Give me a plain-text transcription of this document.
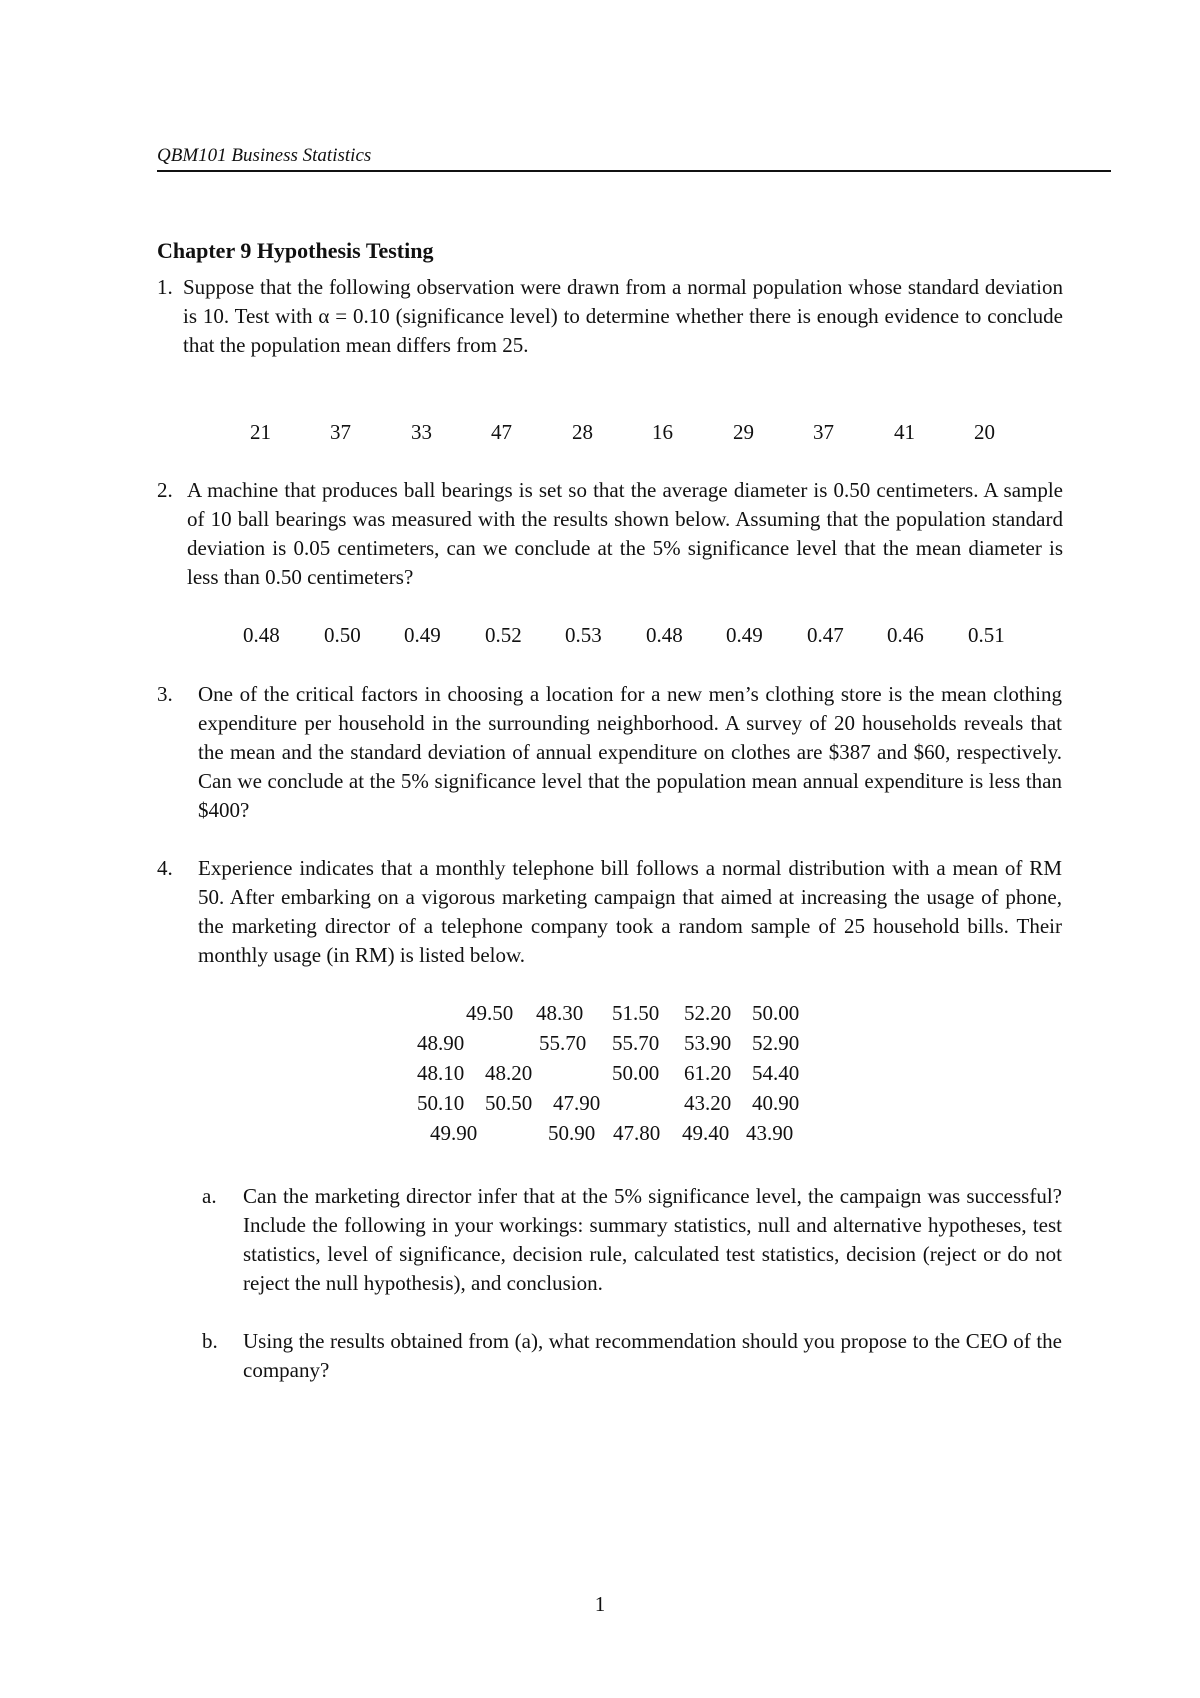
QBM101 Business Statistics
Chapter 9 Hypothesis Testing
1. Suppose that the following observation were drawn from a normal population whose standard deviation is 10. Test with α = 0.10 (significance level) to determine whether there is enough evidence to conclude that the population mean differs from 25.
21	37	33	47	28	16	29	37	41	20
2. A machine that produces ball bearings is set so that the average diameter is 0.50 centimeters. A sample of 10 ball bearings was measured with the results shown below. Assuming that the population standard deviation is 0.05 centimeters, can we conclude at the 5% significance level that the mean diameter is less than 0.50 centimeters?
0.48 0.50 0.49 0.52 0.53 0.48 0.49 0.47 0.46 0.51
3. One of the critical factors in choosing a location for a new men’s clothing store is the mean clothing expenditure per household in the surrounding neighborhood. A survey of 20 households reveals that the mean and the standard deviation of annual expenditure on clothes are $387 and $60, respectively. Can we conclude at the 5% significance level that the population mean annual expenditure is less than $400?
4. Experience indicates that a monthly telephone bill follows a normal distribution with a mean of RM 50. After embarking on a vigorous marketing campaign that aimed at increasing the usage of phone, the marketing director of a telephone company took a random sample of 25 household bills. Their monthly usage (in RM) is listed below.
49.50 48.30 51.50 52.20 50.00
48.90	55.70 55.70 53.90 52.90
48.10 48.20	50.00 61.20 54.40
50.10 50.50 47.90	43.20 40.90
49.90	50.90 47.80 49.40 43.90
a. Can the marketing director infer that at the 5% significance level, the campaign was successful? Include the following in your workings: summary statistics, null and alternative hypotheses, test statistics, level of significance, decision rule, calculated test statistics, decision (reject or do not reject the null hypothesis), and conclusion.
b. Using the results obtained from (a), what recommendation should you propose to the CEO of the company?
1
